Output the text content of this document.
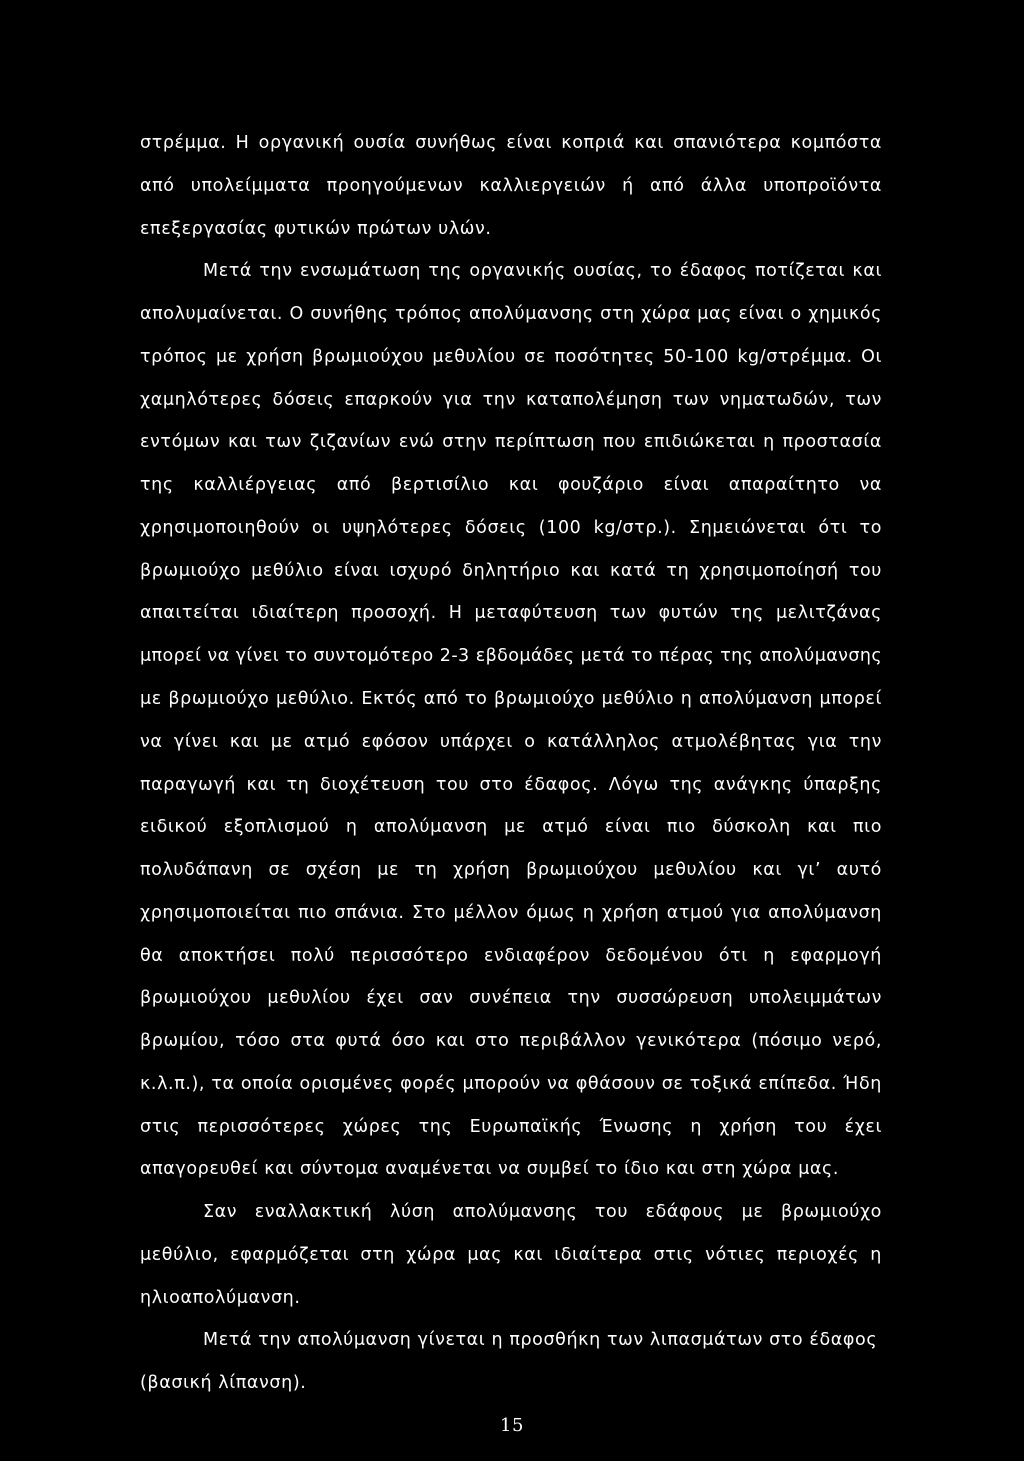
στρέμμα. Η οργανική ουσία συνήθως είναι κοπριά και σπανιότερα κομπόστα
από υπολείμματα προηγούμενων καλλιεργειών ή από άλλα υποπροϊόντα
επεξεργασίας φυτικών πρώτων υλών.
Μετά την ενσωμάτωση της οργανικής ουσίας, το έδαφος ποτίζεται και
απολυμαίνεται. Ο συνήθης τρόπος απολύμανσης στη χώρα μας είναι ο χημικός
τρόπος με χρήση βρωμιούχου μεθυλίου σε ποσότητες 50-100 kg/στρέμμα. Οι
χαμηλότερες δόσεις επαρκούν για την καταπολέμηση των νηματωδών, των
εντόμων και των ζιζανίων ενώ στην περίπτωση που επιδιώκεται η προστασία
της καλλιέργειας από βερτισίλιο και φουζάριο είναι απαραίτητο να
χρησιμοποιηθούν οι υψηλότερες δόσεις (100 kg/στρ.). Σημειώνεται ότι το
βρωμιούχο μεθύλιο είναι ισχυρό δηλητήριο και κατά τη χρησιμοποίησή του
απαιτείται ιδιαίτερη προσοχή. Η μεταφύτευση των φυτών της μελιτζάνας
μπορεί να γίνει το συντομότερο 2-3 εβδομάδες μετά το πέρας της απολύμανσης
με βρωμιούχο μεθύλιο. Εκτός από το βρωμιούχο μεθύλιο η απολύμανση μπορεί
να γίνει και με ατμό εφόσον υπάρχει ο κατάλληλος ατμολέβητας για την
παραγωγή και τη διοχέτευση του στο έδαφος. Λόγω της ανάγκης ύπαρξης
ειδικού εξοπλισμού η απολύμανση με ατμό είναι πιο δύσκολη και πιο
πολυδάπανη σε σχέση με τη χρήση βρωμιούχου μεθυλίου και γι’ αυτό
χρησιμοποιείται πιο σπάνια. Στο μέλλον όμως η χρήση ατμού για απολύμανση
θα αποκτήσει πολύ περισσότερο ενδιαφέρον δεδομένου ότι η εφαρμογή
βρωμιούχου μεθυλίου έχει σαν συνέπεια την συσσώρευση υπολειμμάτων
βρωμίου, τόσο στα φυτά όσο και στο περιβάλλον γενικότερα (πόσιμο νερό,
κ.λ.π.), τα οποία ορισμένες φορές μπορούν να φθάσουν σε τοξικά επίπεδα. Ήδη
στις περισσότερες χώρες της Ευρωπαϊκής Ένωσης η χρήση του έχει
απαγορευθεί και σύντομα αναμένεται να συμβεί το ίδιο και στη χώρα μας.
Σαν εναλλακτική λύση απολύμανσης του εδάφους με βρωμιούχο
μεθύλιο, εφαρμόζεται στη χώρα μας και ιδιαίτερα στις νότιες περιοχές η
ηλιοαπολύμανση.
Μετά την απολύμανση γίνεται η προσθήκη των λιπασμάτων στο έδαφος
(βασική λίπανση).
15
